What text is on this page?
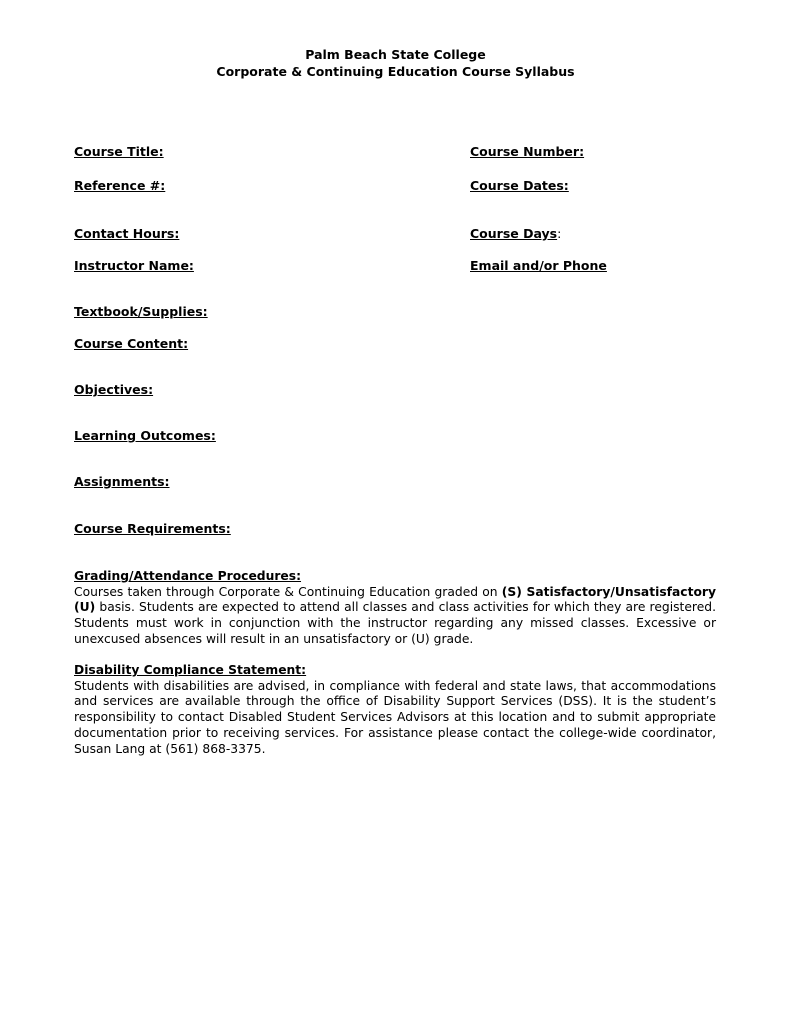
Palm Beach State College
Corporate & Continuing Education Course Syllabus
Course Title:	Course Number:
Reference #:	Course Dates:
Contact Hours:	Course Days:
Instructor Name:	Email and/or Phone
Textbook/Supplies:
Course Content:
Objectives:
Learning Outcomes:
Assignments:
Course Requirements:
Grading/Attendance Procedures:
Courses taken through Corporate & Continuing Education graded on (S) Satisfactory/Unsatisfactory (U) basis. Students are expected to attend all classes and class activities for which they are registered. Students must work in conjunction with the instructor regarding any missed classes. Excessive or unexcused absences will result in an unsatisfactory or (U) grade.
Disability Compliance Statement:
Students with disabilities are advised, in compliance with federal and state laws, that accommodations and services are available through the office of Disability Support Services (DSS). It is the student’s responsibility to contact Disabled Student Services Advisors at this location and to submit appropriate documentation prior to receiving services. For assistance please contact the college-wide coordinator, Susan Lang at (561) 868-3375.
